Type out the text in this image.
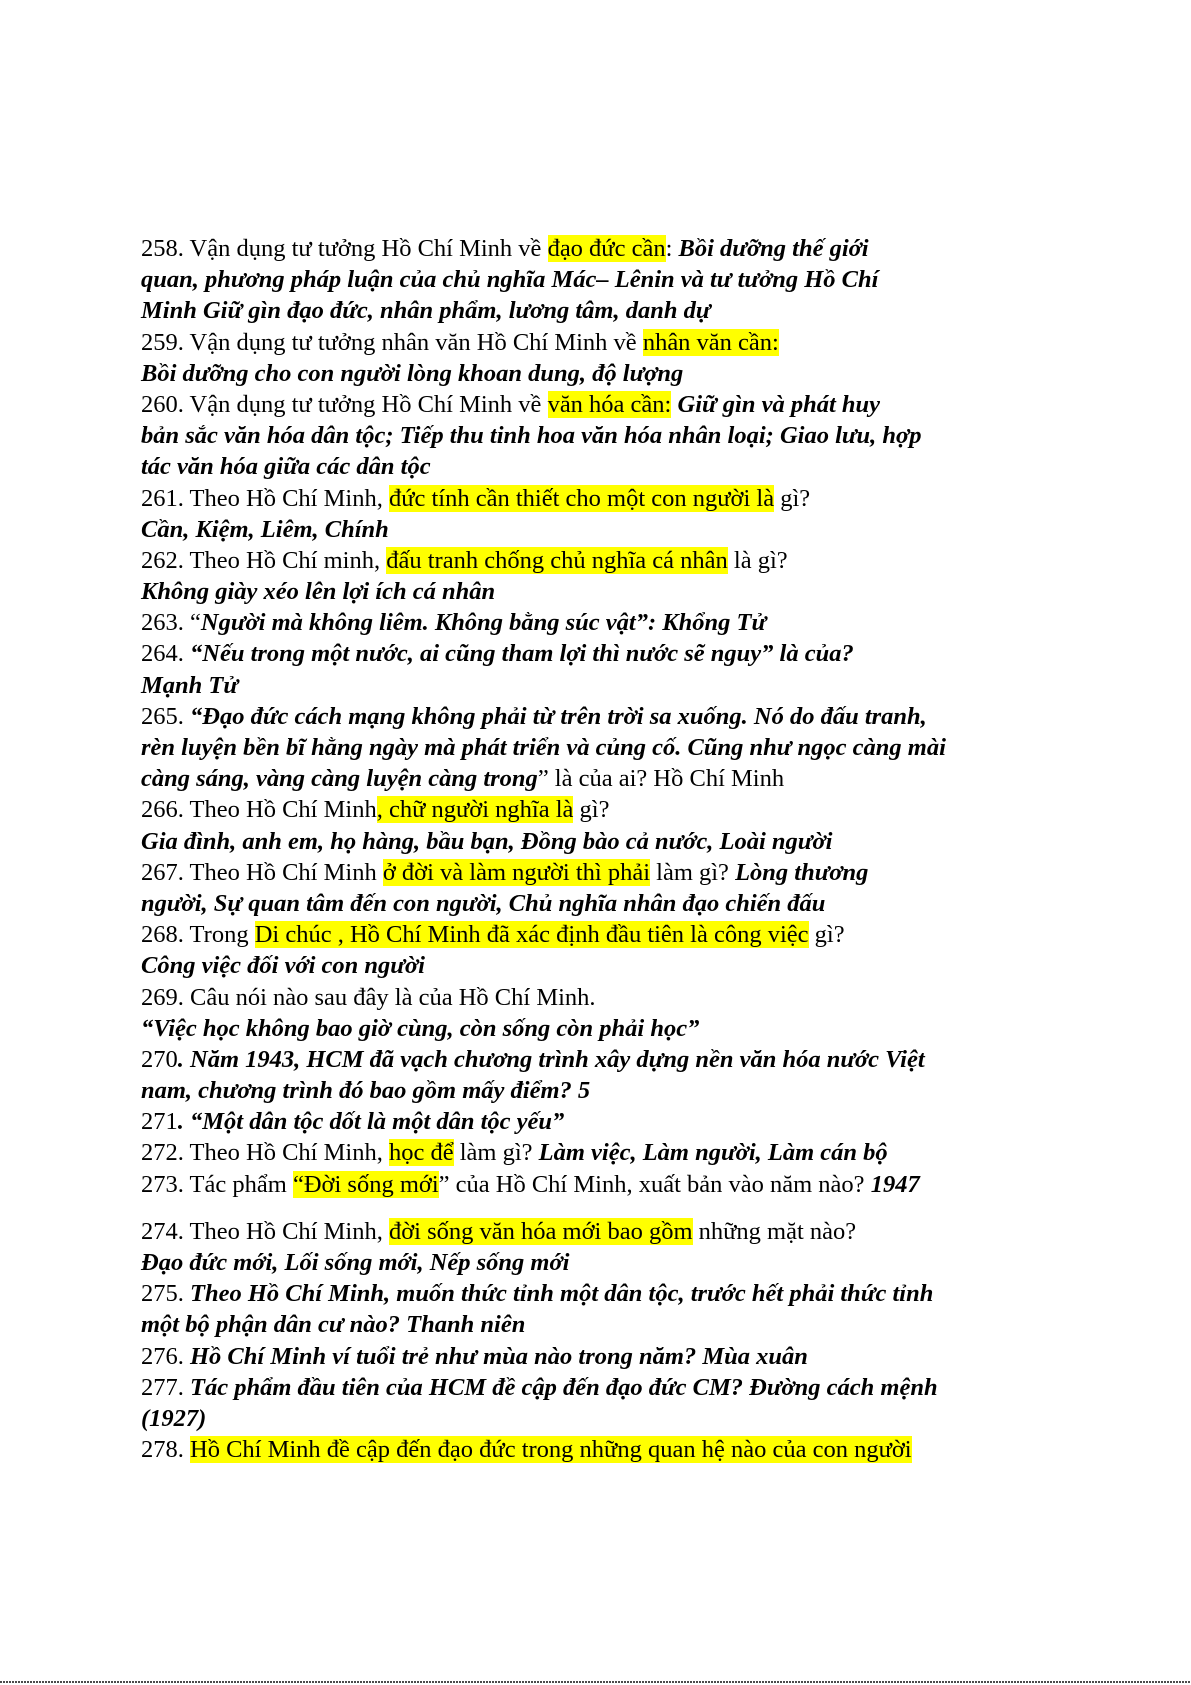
258. Vận dụng tư tưởng Hồ Chí Minh về đạo đức cần: Bồi dưỡng thế giới
quan, phương pháp luận của chủ nghĩa Mác– Lênin và tư tưởng Hồ Chí
Minh Giữ gìn đạo đức, nhân phẩm, lương tâm, danh dự
259. Vận dụng tư tưởng nhân văn Hồ Chí Minh về nhân văn cần:
Bồi dưỡng cho con người lòng khoan dung, độ lượng
260. Vận dụng tư tưởng Hồ Chí Minh về văn hóa cần: Giữ gìn và phát huy
bản sắc văn hóa dân tộc; Tiếp thu tinh hoa văn hóa nhân loại; Giao lưu, hợp
tác văn hóa giữa các dân tộc
261. Theo Hồ Chí Minh, đức tính cần thiết cho một con người là gì?
Cần, Kiệm, Liêm, Chính
262. Theo Hồ Chí minh, đấu tranh chống chủ nghĩa cá nhân là gì?
Không giày xéo lên lợi ích cá nhân
263. “Người mà không liêm. Không bằng súc vật”: Khổng Tử
264. “Nếu trong một nước, ai cũng tham lợi thì nước sẽ nguy” là của?
Mạnh Tử
265. “Đạo đức cách mạng không phải từ trên trời sa xuống. Nó do đấu tranh,
rèn luyện bền bĩ hằng ngày mà phát triển và củng cố. Cũng như ngọc càng mài
càng sáng, vàng càng luyện càng trong” là của ai? Hồ Chí Minh
266. Theo Hồ Chí Minh, chữ người nghĩa là gì?
Gia đình, anh em, họ hàng, bầu bạn, Đồng bào cả nước, Loài người
267. Theo Hồ Chí Minh ở đời và làm người thì phải làm gì? Lòng thương
người, Sự quan tâm đến con người, Chủ nghĩa nhân đạo chiến đấu
268. Trong Di chúc , Hồ Chí Minh đã xác định đầu tiên là công việc gì?
Công việc đối với con người
269. Câu nói nào sau đây là của Hồ Chí Minh.
“Việc học không bao giờ cùng, còn sống còn phải học”
270. Năm 1943, HCM đã vạch chương trình xây dựng nền văn hóa nước Việt
nam, chương trình đó bao gồm mấy điểm? 5
271. “Một dân tộc dốt là một dân tộc yếu”
272. Theo Hồ Chí Minh, học để làm gì? Làm việc, Làm người, Làm cán bộ
273. Tác phẩm “Đời sống mới” của Hồ Chí Minh, xuất bản vào năm nào? 1947
274. Theo Hồ Chí Minh, đời sống văn hóa mới bao gồm những mặt nào?
Đạo đức mới, Lối sống mới, Nếp sống mới
275. Theo Hồ Chí Minh, muốn thức tỉnh một dân tộc, trước hết phải thức tỉnh
một bộ phận dân cư nào? Thanh niên
276. Hồ Chí Minh ví tuổi trẻ như mùa nào trong năm? Mùa xuân
277. Tác phẩm đầu tiên của HCM đề cập đến đạo đức CM? Đường cách mệnh
(1927)
278. Hồ Chí Minh đề cập đến đạo đức trong những quan hệ nào của con người
